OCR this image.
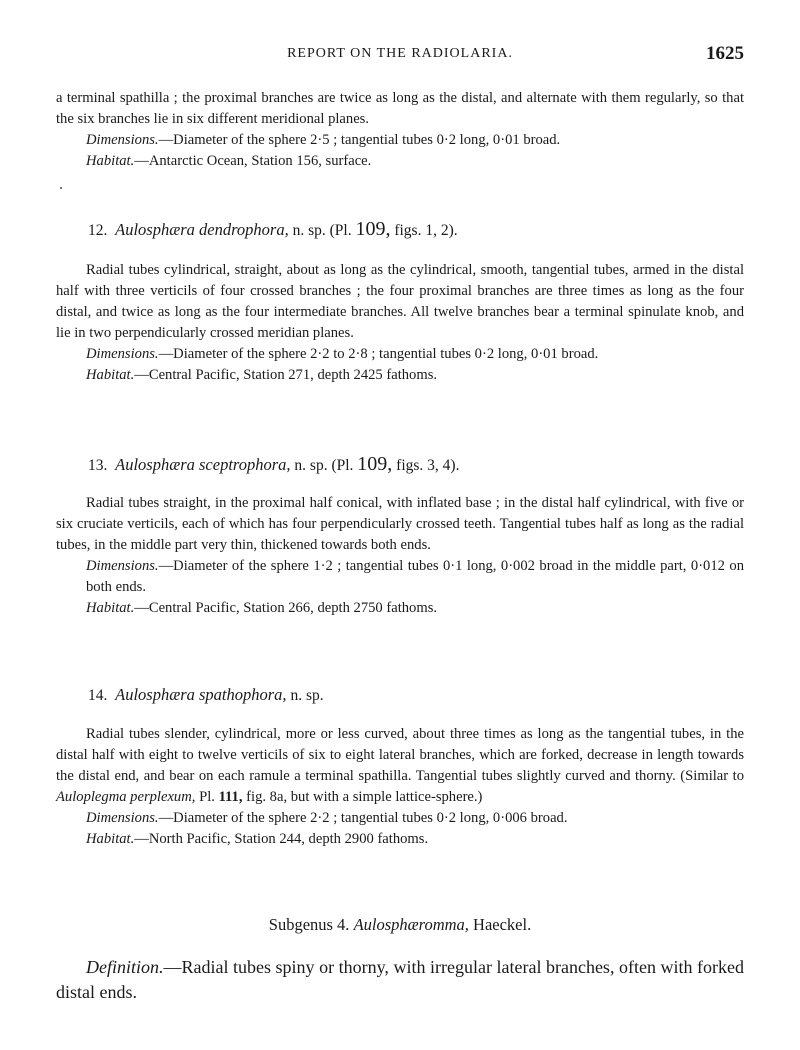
REPORT ON THE RADIOLARIA.	1625

a terminal spathilla ; the proximal branches are twice as long as the distal, and alternate with them regularly, so that the six branches lie in six different meridional planes.

Dimensions.—Diameter of the sphere 2·5 ; tangential tubes 0·2 long, 0·01 broad.

Habitat.—Antarctic Ocean, Station 156, surface.

12. Aulosphæra dendrophora, n. sp. (Pl. 109, figs. 1, 2).

Radial tubes cylindrical, straight, about as long as the cylindrical, smooth, tangential tubes, armed in the distal half with three verticils of four crossed branches ; the four proximal branches are three times as long as the four distal, and twice as long as the four intermediate branches. All twelve branches bear a terminal spinulate knob, and lie in two perpendicularly crossed meridian planes.

Dimensions.—Diameter of the sphere 2·2 to 2·8 ; tangential tubes 0·2 long, 0·01 broad.

Habitat.—Central Pacific, Station 271, depth 2425 fathoms.

13. Aulosphæra sceptrophora, n. sp. (Pl. 109, figs. 3, 4).

Radial tubes straight, in the proximal half conical, with inflated base ; in the distal half cylindrical, with five or six cruciate verticils, each of which has four perpendicularly crossed teeth. Tangential tubes half as long as the radial tubes, in the middle part very thin, thickened towards both ends.

Dimensions.—Diameter of the sphere 1·2 ; tangential tubes 0·1 long, 0·002 broad in the middle part, 0·012 on both ends.

Habitat.—Central Pacific, Station 266, depth 2750 fathoms.

14. Aulosphæra spathophora, n. sp.

Radial tubes slender, cylindrical, more or less curved, about three times as long as the tangential tubes, in the distal half with eight to twelve verticils of six to eight lateral branches, which are forked, decrease in length towards the distal end, and bear on each ramule a terminal spathilla. Tangential tubes slightly curved and thorny. (Similar to Auloplegma perplexum, Pl. 111, fig. 8a, but with a simple lattice-sphere.)

Dimensions.—Diameter of the sphere 2·2 ; tangential tubes 0·2 long, 0·006 broad.

Habitat.—North Pacific, Station 244, depth 2900 fathoms.

Subgenus 4. Aulosphæromma, Haeckel.

Definition.—Radial tubes spiny or thorny, with irregular lateral branches, often with forked distal ends.
